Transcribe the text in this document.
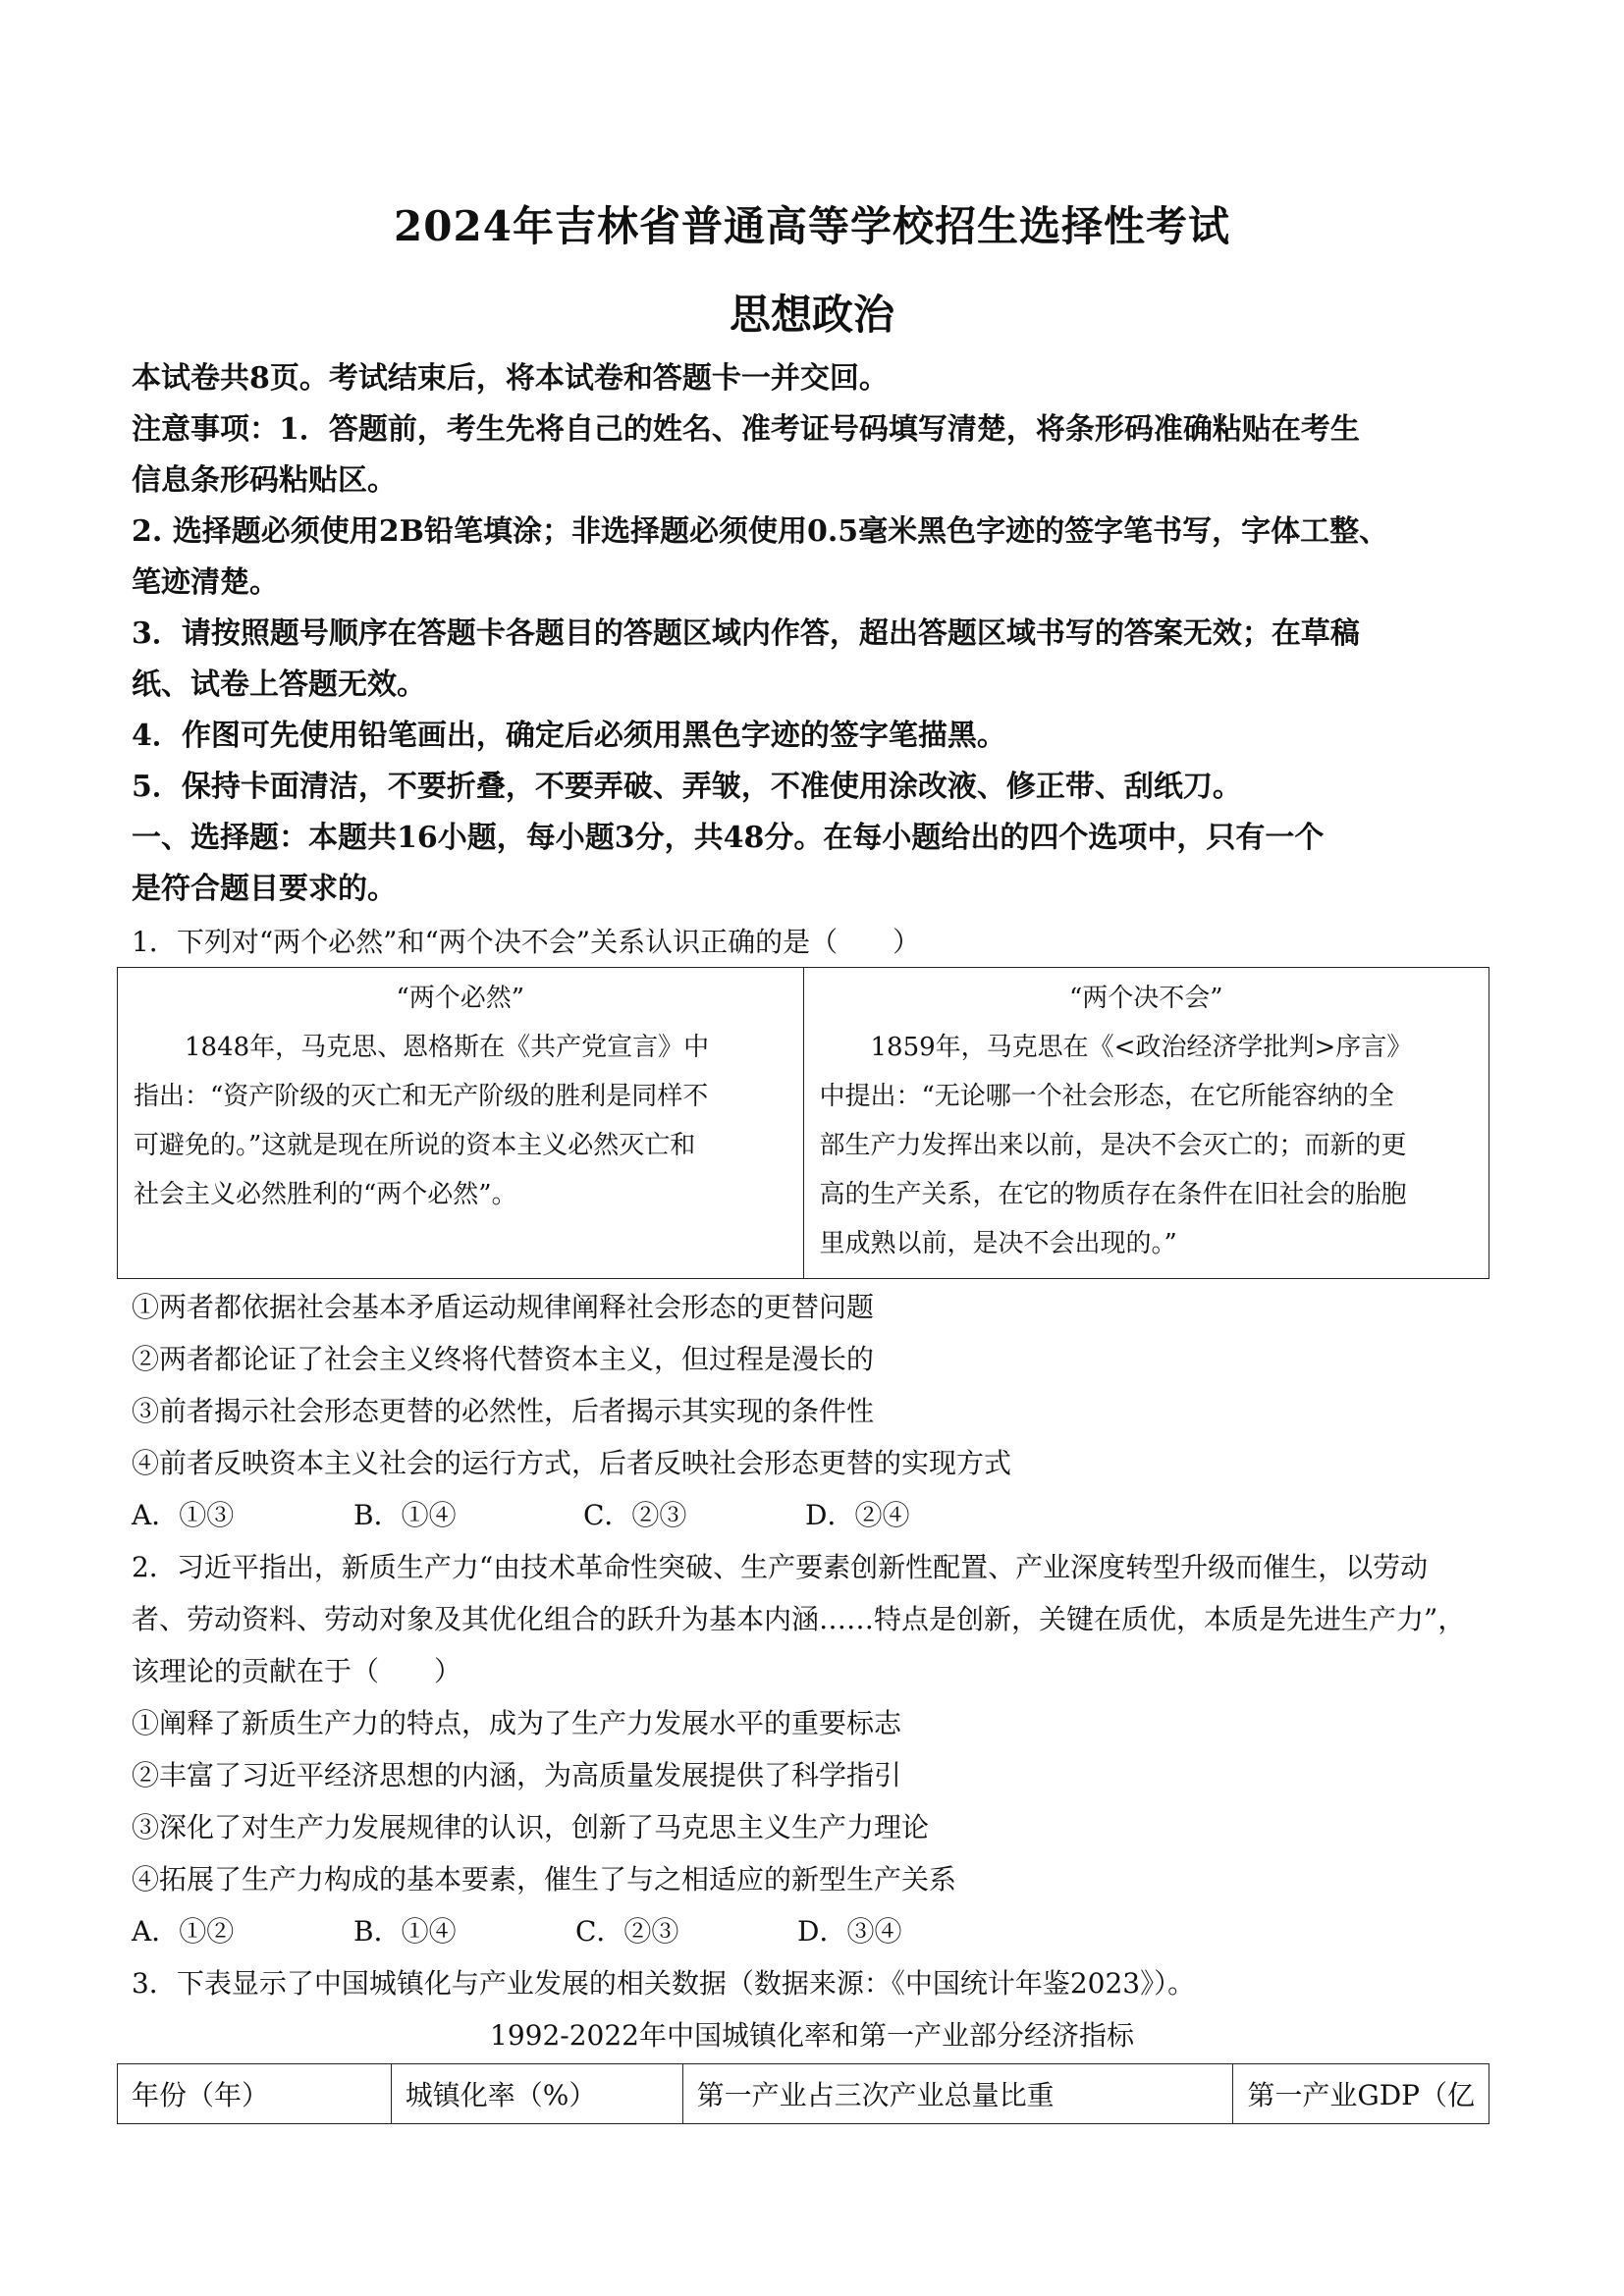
2024年吉林省普通高等学校招生选择性考试
思想政治
本试卷共8页。考试结束后，将本试卷和答题卡一并交回。
注意事项：1．答题前，考生先将自己的姓名、准考证号码填写清楚，将条形码准确粘贴在考生
信息条形码粘贴区。
2. 选择题必须使用2B铅笔填涂；非选择题必须使用0.5毫米黑色字迹的签字笔书写，字体工整、
笔迹清楚。
3．请按照题号顺序在答题卡各题目的答题区域内作答，超出答题区域书写的答案无效；在草稿
纸、试卷上答题无效。
4．作图可先使用铅笔画出，确定后必须用黑色字迹的签字笔描黑。
5．保持卡面清洁，不要折叠，不要弄破、弄皱，不准使用涂改液、修正带、刮纸刀。
一、选择题：本题共16小题，每小题3分，共48分。在每小题给出的四个选项中，只有一个
是符合题目要求的。
1．下列对“两个必然”和“两个决不会”关系认识正确的是（　　）
“两个必然”
1848年，马克思、恩格斯在《共产党宣言》中
指出：“资产阶级的灭亡和无产阶级的胜利是同样不
可避免的。”这就是现在所说的资本主义必然灭亡和
社会主义必然胜利的“两个必然”。

“两个决不会”
1859年，马克思在《<政治经济学批判>序言》
中提出：“无论哪一个社会形态，在它所能容纳的全
部生产力发挥出来以前，是决不会灭亡的；而新的更
高的生产关系，在它的物质存在条件在旧社会的胎胞
里成熟以前，是决不会出现的。”
①两者都依据社会基本矛盾运动规律阐释社会形态的更替问题
②两者都论证了社会主义终将代替资本主义，但过程是漫长的
③前者揭示社会形态更替的必然性，后者揭示其实现的条件性
④前者反映资本主义社会的运行方式，后者反映社会形态更替的实现方式
A．①③	B．①④	C．②③	D．②④
2．习近平指出，新质生产力“由技术革命性突破、生产要素创新性配置、产业深度转型升级而催生，以劳动
者、劳动资料、劳动对象及其优化组合的跃升为基本内涵……特点是创新，关键在质优，本质是先进生产力”，
该理论的贡献在于（　　）
①阐释了新质生产力的特点，成为了生产力发展水平的重要标志
②丰富了习近平经济思想的内涵，为高质量发展提供了科学指引
③深化了对生产力发展规律的认识，创新了马克思主义生产力理论
④拓展了生产力构成的基本要素，催生了与之相适应的新型生产关系
A．①②	B．①④	C．②③	D．③④
3．下表显示了中国城镇化与产业发展的相关数据（数据来源：《中国统计年鉴2023》）。
1992-2022年中国城镇化率和第一产业部分经济指标
年份（年）	城镇化率（%）	第一产业占三次产业总量比重	第一产业GDP（亿
